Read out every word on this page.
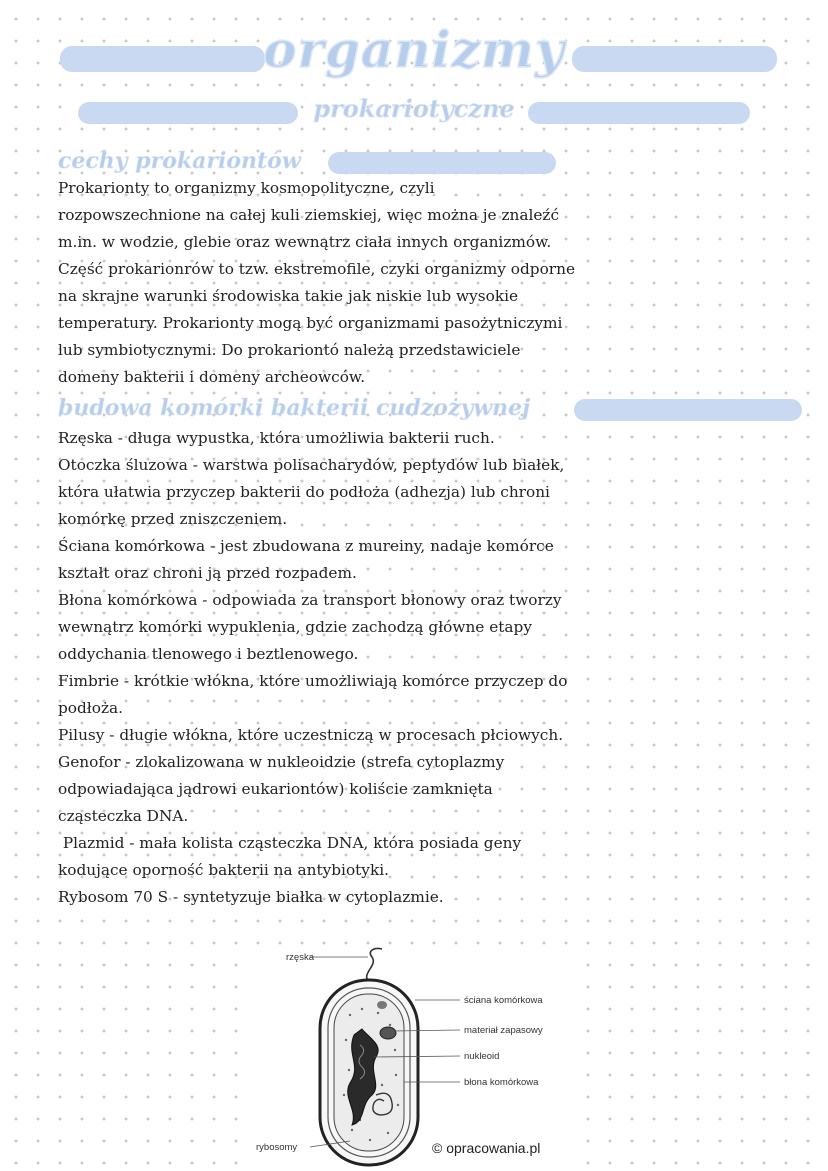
organizmy
prokariotyczne
cechy prokariontów
Prokarionty to organizmy kosmopolityczne, czyli
rozpowszechnione na całej kuli ziemskiej, więc można je znaleźć
m.in. w wodzie, glebie oraz wewnątrz ciała innych organizmów.
Część prokarionrów to tzw. ekstremofile, czyki organizmy odporne
na skrajne warunki środowiska takie jak niskie lub wysokie
temperatury. Prokarionty mogą być organizmami pasożytniczymi
lub symbiotycznymi. Do prokariontó należą przedstawiciele
domeny bakterii i domeny archeowców.
budowa komórki bakterii cudzożywnej
Rzęska - długa wypustka, która umożliwia bakterii ruch.
Otoczka śluzowa - warstwa polisacharydów, peptydów lub białek,
która ułatwia przyczep bakterii do podłoża (adhezja) lub chroni
komórkę przed zniszczeniem.
Ściana komórkowa - jest zbudowana z mureiny, nadaje komórce
kształt oraz chroni ją przed rozpadem.
Błona komórkowa - odpowiada za transport błonowy oraz tworzy
wewnątrz komórki wypuklenia, gdzie zachodzą główne etapy
oddychania tlenowego i beztlenowego.
Fimbrie - krótkie włókna, które umożliwiają komórce przyczep do
podłoża.
Pilusy - długie włókna, które uczestniczą w procesach płciowych.
Genofor - zlokalizowana w nukleoidzie (strefa cytoplazmy
odpowiadająca jądrowi eukariontów) koliście zamknięta
cząsteczka DNA.
Plazmid - mała kolista cząsteczka DNA, która posiada geny
kodujące oporność bakterii na antybiotyki.
Rybosom 70 S - syntetyzuje białka w cytoplazmie.
rzęska
ściana komórkowa
materiał zapasowy
nukleoid
błona komórkowa
rybosomy	© opracowania.pl
